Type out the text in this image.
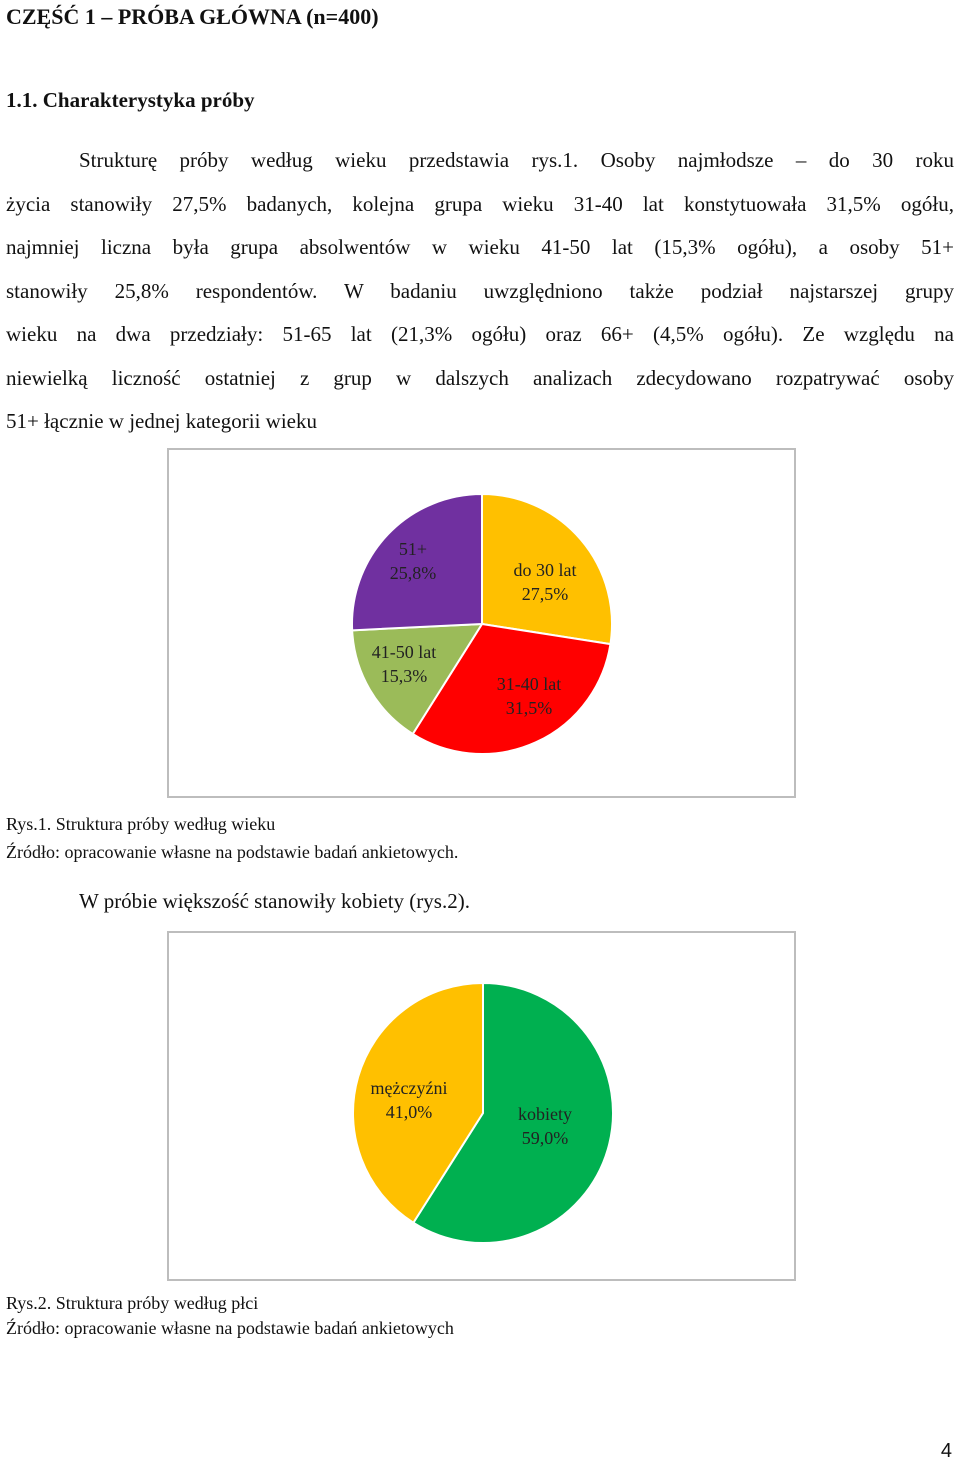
CZĘŚĆ 1 – PRÓBA GŁÓWNA (n=400)
1.1. Charakterystyka próby
Strukturę próby według wieku przedstawia rys.1. Osoby najmłodsze – do 30 roku
życia stanowiły 27,5% badanych, kolejna grupa wieku 31-40 lat konstytuowała 31,5% ogółu,
najmniej liczna była grupa absolwentów w wieku 41-50 lat (15,3% ogółu), a osoby 51+
stanowiły 25,8% respondentów. W badaniu uwzględniono także podział najstarszej grupy
wieku na dwa przedziały: 51-65 lat (21,3% ogółu) oraz 66+ (4,5% ogółu). Ze względu na
niewielką liczność ostatniej z grup w dalszych analizach zdecydowano rozpatrywać osoby
51+ łącznie w jednej kategorii wieku
do 30 lat
27,5%
31-40 lat
31,5%
41-50 lat
15,3%
51+
25,8%
Rys.1. Struktura próby według wieku
Źródło: opracowanie własne na podstawie badań ankietowych.
W próbie większość stanowiły kobiety (rys.2).
kobiety
59,0%
mężczyźni
41,0%
Rys.2. Struktura próby według płci
Źródło: opracowanie własne na podstawie badań ankietowych
4
